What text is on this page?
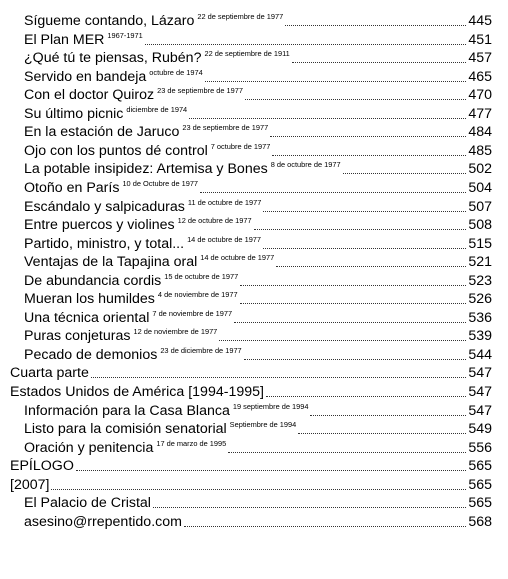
Sígueme contando, Lázaro $^{22 de septiembre de 1977}$	445
El Plan MER $^{1967-1971}$	451
¿Qué tú te piensas, Rubén? $^{22 de septiembre de 1911}$	457
Servido en bandeja $^{octubre de 1974}$	465
Con el doctor Quiroz $^{23 de septiembre de 1977}$	470
Su último picnic $^{diciembre de 1974}$	477
En la estación de Jaruco $^{23 de septiembre de 1977}$	484
Ojo con los puntos dé control $^{7 octubre de 1977}$	485
La potable insipidez: Artemisa y Bones $^{8 de octubre de 1977}$	502
Otoño en París $^{10 de Octubre de 1977}$	504
Escándalo y salpicaduras $^{11 de octubre de 1977}$	507
Entre puercos y violines $^{12 de octubre de 1977}$	508
Partido, ministro, y total... $^{14 de octubre de 1977}$	515
Ventajas de la Tapajina oral $^{14 de octubre de 1977}$	521
De abundancia cordis $^{15 de octubre de 1977}$	523
Mueran los humildes $^{4 de noviembre de 1977}$	526
Una técnica oriental $^{7 de noviembre de 1977}$	536
Puras conjeturas $^{12 de noviembre de 1977}$	539
Pecado de demonios $^{23 de diciembre de 1977}$	544
Cuarta parte	547
Estados Unidos de América [1994-1995]	547
Información para la Casa Blanca $^{19 septiembre de 1994}$	547
Listo para la comisión senatorial $^{Septiembre de 1994}$	549
Oración y penitencia $^{17 de marzo de 1995}$	556
EPÍLOGO	565
[2007]	565
El Palacio de Cristal	565
asesino@rrepentido.com	568
